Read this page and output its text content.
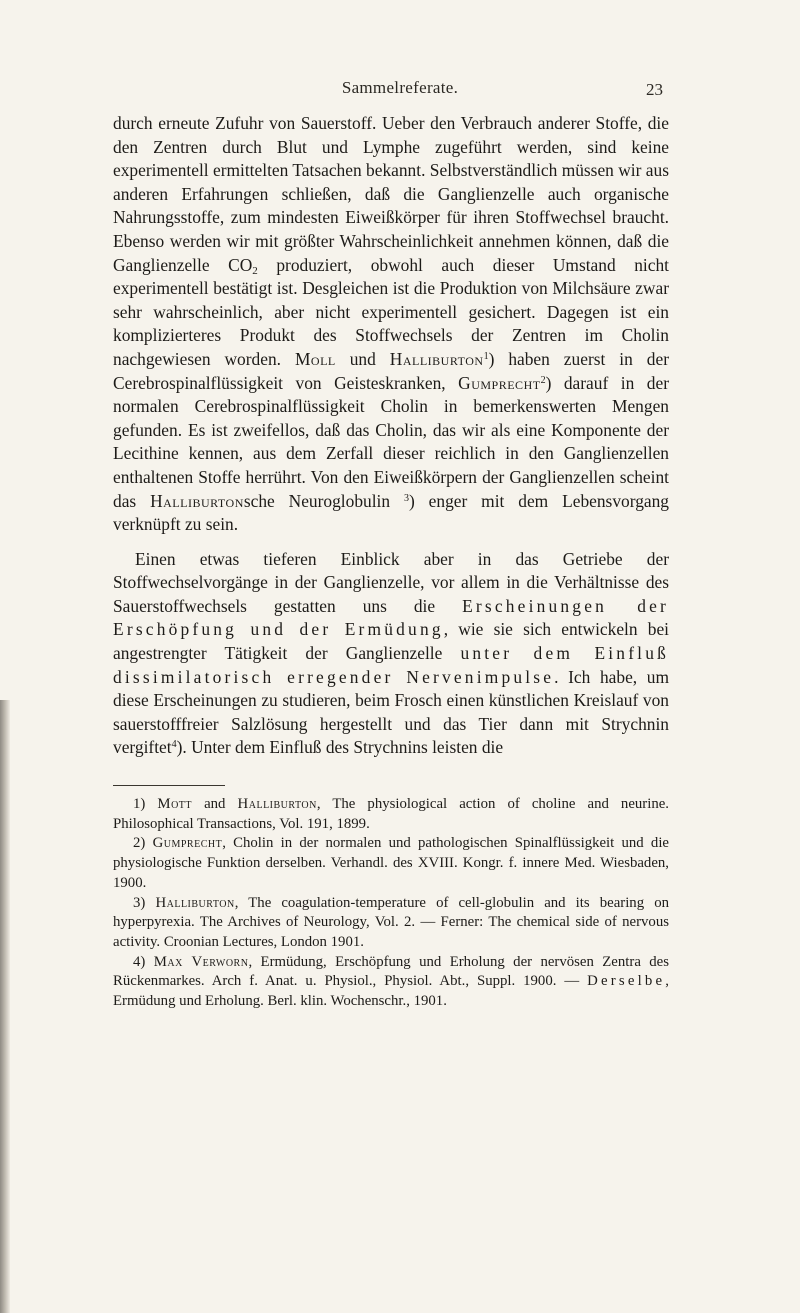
Sammelreferate.	23

durch erneute Zufuhr von Sauerstoff. Ueber den Verbrauch anderer Stoffe, die den Zentren durch Blut und Lymphe zugeführt werden, sind keine experimentell ermittelten Tatsachen bekannt. Selbstverständlich müssen wir aus anderen Erfahrungen schließen, daß die Ganglienzelle auch organische Nahrungsstoffe, zum mindesten Eiweißkörper für ihren Stoffwechsel braucht. Ebenso werden wir mit größter Wahrscheinlichkeit annehmen können, daß die Ganglienzelle $CO_2$ produziert, obwohl auch dieser Umstand nicht experimentell bestätigt ist. Desgleichen ist die Produktion von Milchsäure zwar sehr wahrscheinlich, aber nicht experimentell gesichert. Dagegen ist ein komplizierteres Produkt des Stoffwechsels der Zentren im Cholin nachgewiesen worden. Moll und Halliburton$^1$) haben zuerst in der Cerebrospinalflüssigkeit von Geisteskranken, Gumprecht$^2$) darauf in der normalen Cerebrospinalflüssigkeit Cholin in bemerkenswerten Mengen gefunden. Es ist zweifellos, daß das Cholin, das wir als eine Komponente der Lecithine kennen, aus dem Zerfall dieser reichlich in den Ganglienzellen enthaltenen Stoffe herrührt. Von den Eiweißkörpern der Ganglienzellen scheint das Halliburtonsche Neuroglobulin $^3$) enger mit dem Lebensvorgang verknüpft zu sein.

Einen etwas tieferen Einblick aber in das Getriebe der Stoffwechselvorgänge in der Ganglienzelle, vor allem in die Verhältnisse des Sauerstoffwechsels gestatten uns die Erscheinungen der Erschöpfung und der Ermüdung, wie sie sich entwickeln bei angestrengter Tätigkeit der Ganglienzelle unter dem Einfluß dissimilatorisch erregender Nervenimpulse. Ich habe, um diese Erscheinungen zu studieren, beim Frosch einen künstlichen Kreislauf von sauerstofffreier Salzlösung hergestellt und das Tier dann mit Strychnin vergiftet$^4$). Unter dem Einfluß des Strychnins leisten die

1) Mott and Halliburton, The physiological action of choline and neurine. Philosophical Transactions, Vol. 191, 1899.

2) Gumprecht, Cholin in der normalen und pathologischen Spinalflüssigkeit und die physiologische Funktion derselben. Verhandl. des XVIII. Kongr. f. innere Med. Wiesbaden, 1900.

3) Halliburton, The coagulation-temperature of cell-globulin and its bearing on hyperpyrexia. The Archives of Neurology, Vol. 2. — Ferner: The chemical side of nervous activity. Croonian Lectures, London 1901.

4) Max Verworn, Ermüdung, Erschöpfung und Erholung der nervösen Zentra des Rückenmarkes. Arch f. Anat. u. Physiol., Physiol. Abt., Suppl. 1900. — Derselbe, Ermüdung und Erholung. Berl. klin. Wochenschr., 1901.
